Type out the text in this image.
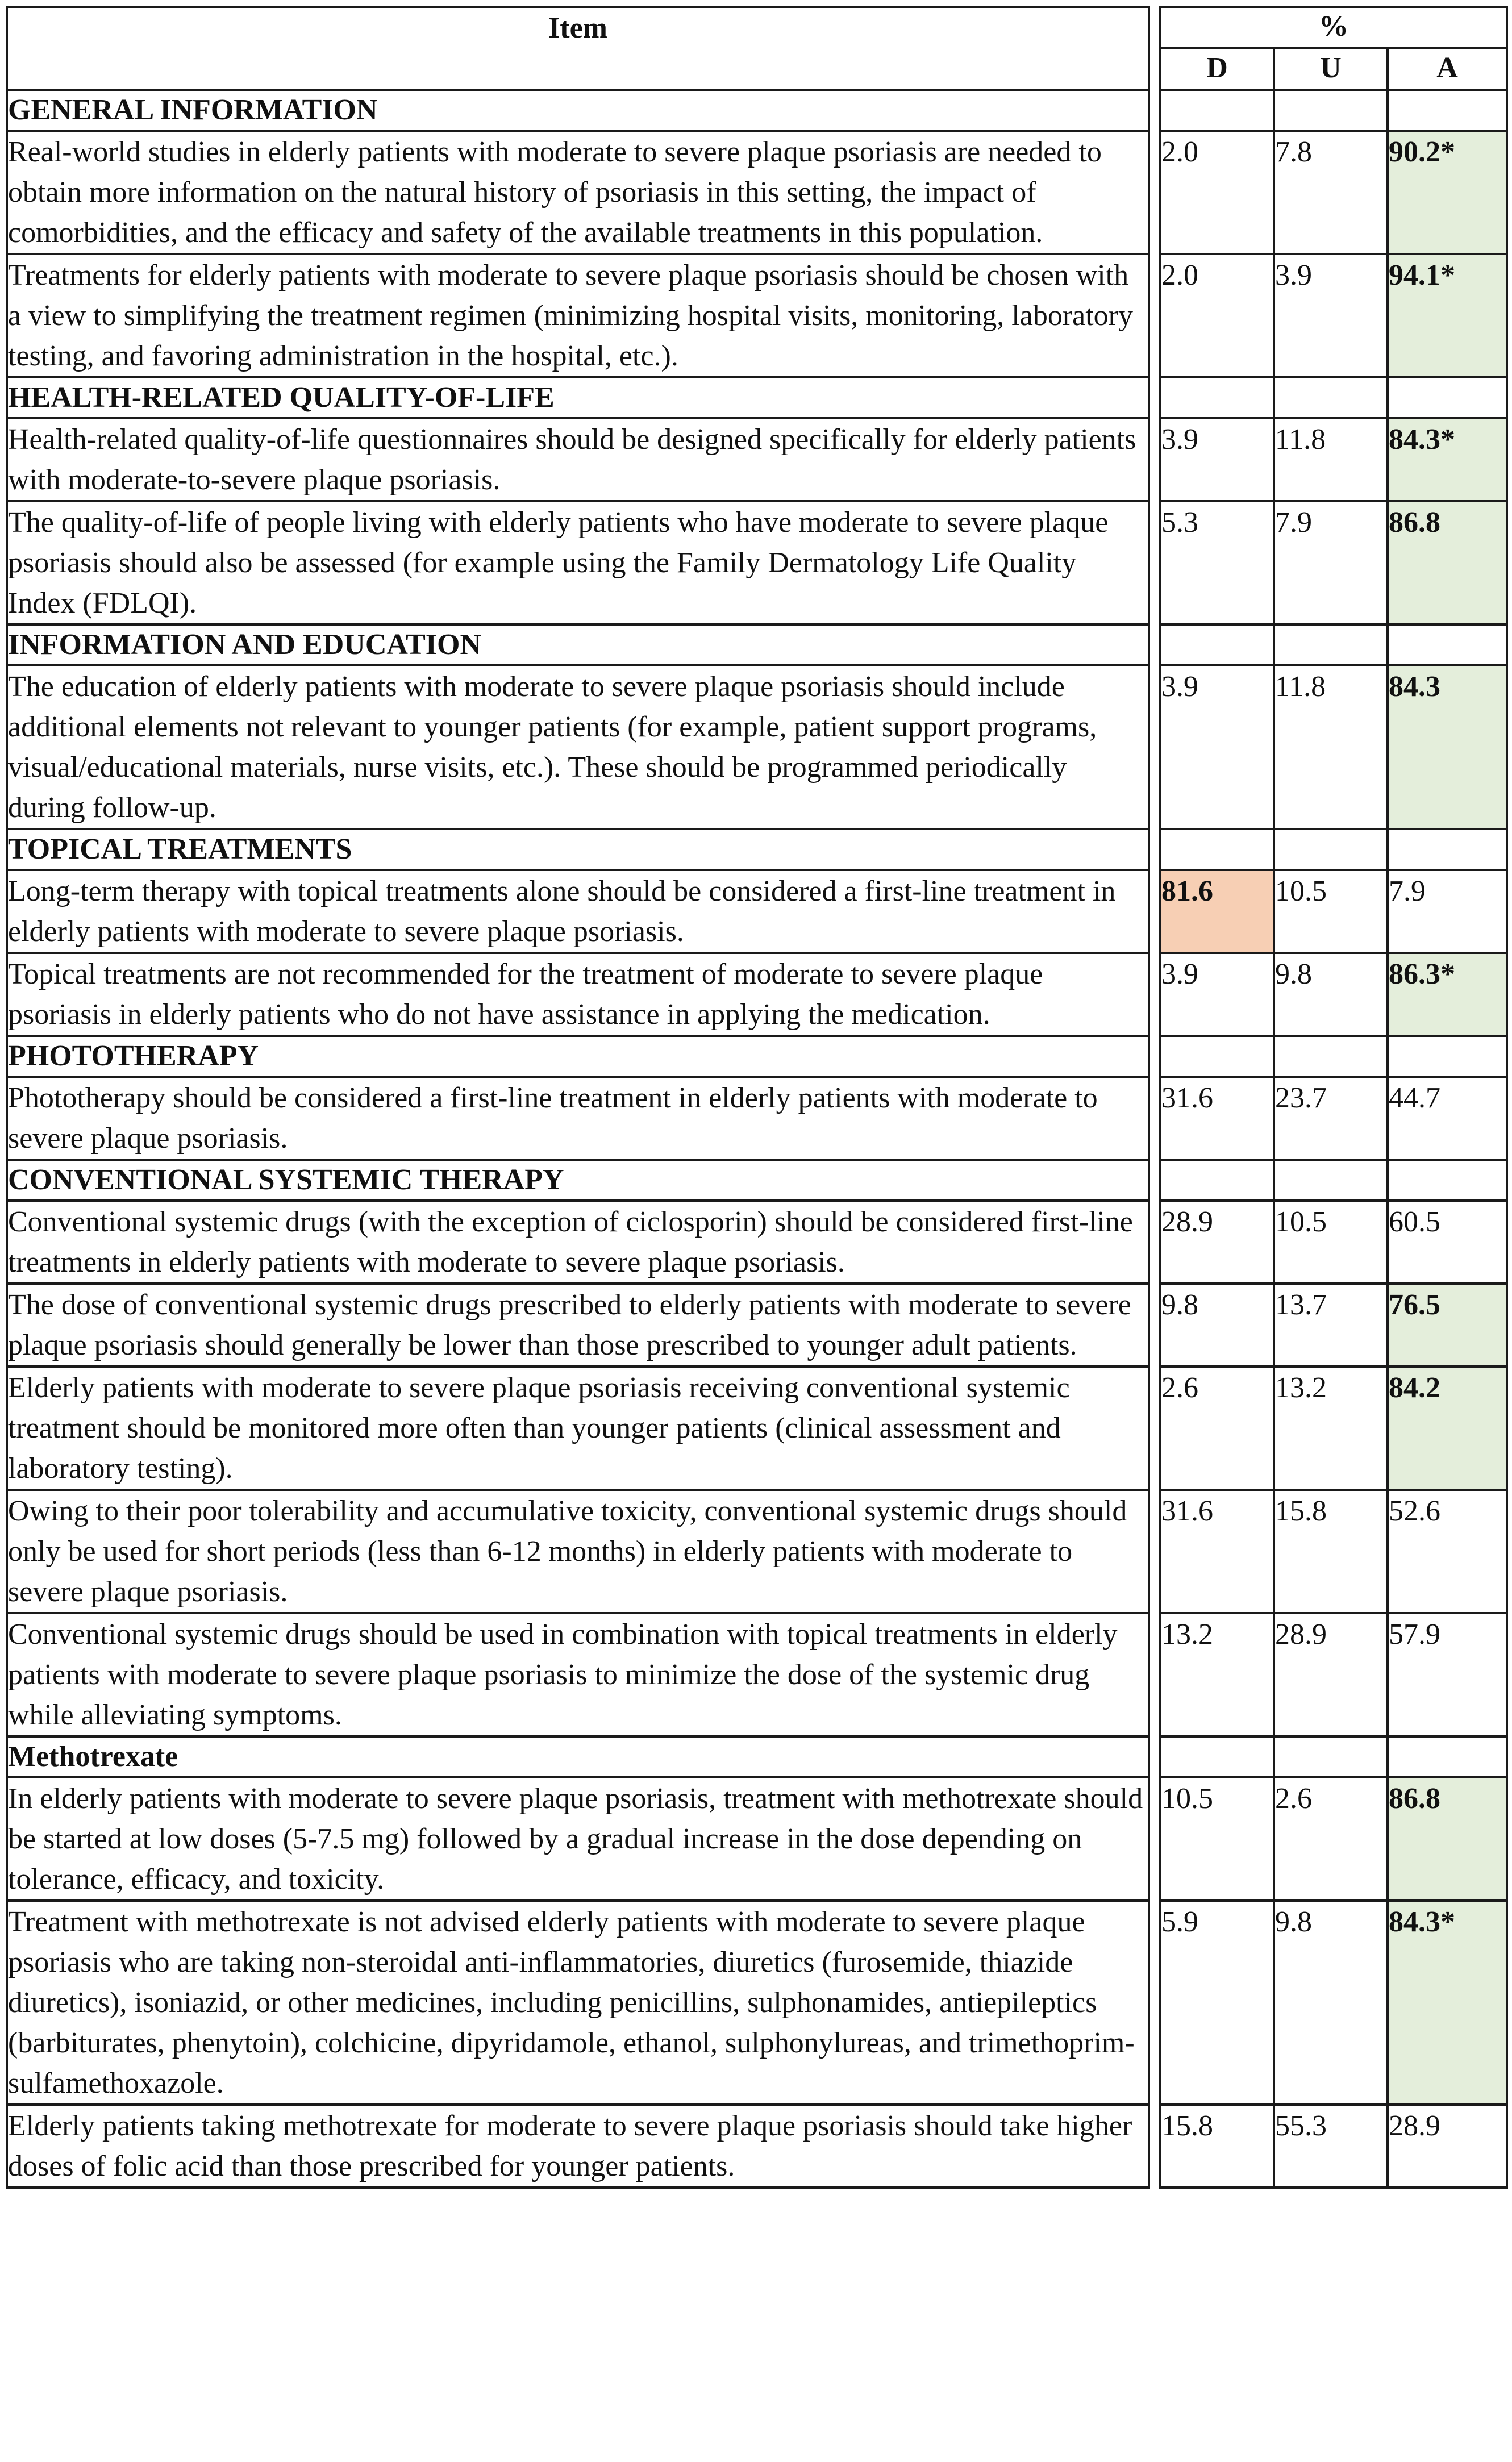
Item		%		
		D	U	A
GENERAL INFORMATION				
Real-world studies in elderly patients with moderate to severe plaque psoriasis are needed to obtain more information on the natural history of psoriasis in this setting, the impact of comorbidities, and the efficacy and safety of the available treatments in this population.		2.0	7.8	90.2*
Treatments for elderly patients with moderate to severe plaque psoriasis should be chosen with a view to simplifying the treatment regimen (minimizing hospital visits, monitoring, laboratory testing, and favoring administration in the hospital, etc.).		2.0	3.9	94.1*
HEALTH-RELATED QUALITY-OF-LIFE				
Health-related quality-of-life questionnaires should be designed specifically for elderly patients with moderate-to-severe plaque psoriasis.		3.9	11.8	84.3*
The quality-of-life of people living with elderly patients who have moderate to severe plaque psoriasis should also be assessed (for example using the Family Dermatology Life Quality Index (FDLQI).		5.3	7.9	86.8
INFORMATION AND EDUCATION				
The education of elderly patients with moderate to severe plaque psoriasis should include additional elements not relevant to younger patients (for example, patient support programs, visual/educational materials, nurse visits, etc.). These should be programmed periodically during follow-up.		3.9	11.8	84.3
TOPICAL TREATMENTS				
Long-term therapy with topical treatments alone should be considered a first-line treatment in elderly patients with moderate to severe plaque psoriasis.		81.6	10.5	7.9
Topical treatments are not recommended for the treatment of moderate to severe plaque psoriasis in elderly patients who do not have assistance in applying the medication.		3.9	9.8	86.3*
PHOTOTHERAPY				
Phototherapy should be considered a first-line treatment in elderly patients with moderate to severe plaque psoriasis.		31.6	23.7	44.7
CONVENTIONAL SYSTEMIC THERAPY				
Conventional systemic drugs (with the exception of ciclosporin) should be considered first-line treatments in elderly patients with moderate to severe plaque psoriasis.		28.9	10.5	60.5
The dose of conventional systemic drugs prescribed to elderly patients with moderate to severe plaque psoriasis should generally be lower than those prescribed to younger adult patients.		9.8	13.7	76.5
Elderly patients with moderate to severe plaque psoriasis receiving conventional systemic treatment should be monitored more often than younger patients (clinical assessment and laboratory testing).		2.6	13.2	84.2
Owing to their poor tolerability and accumulative toxicity, conventional systemic drugs should only be used for short periods (less than 6-12 months) in elderly patients with moderate to severe plaque psoriasis.		31.6	15.8	52.6
Conventional systemic drugs should be used in combination with topical treatments in elderly patients with moderate to severe plaque psoriasis to minimize the dose of the systemic drug while alleviating symptoms.		13.2	28.9	57.9
Methotrexate				
In elderly patients with moderate to severe plaque psoriasis, treatment with methotrexate should be started at low doses (5-7.5 mg) followed by a gradual increase in the dose depending on tolerance, efficacy, and toxicity.		10.5	2.6	86.8
Treatment with methotrexate is not advised elderly patients with moderate to severe plaque psoriasis who are taking non-steroidal anti-inflammatories, diuretics (furosemide, thiazide diuretics), isoniazid, or other medicines, including penicillins, sulphonamides, antiepileptics (barbiturates, phenytoin), colchicine, dipyridamole, ethanol, sulphonylureas, and trimethoprim-sulfamethoxazole.		5.9	9.8	84.3*
Elderly patients taking methotrexate for moderate to severe plaque psoriasis should take higher doses of folic acid than those prescribed for younger patients.		15.8	55.3	28.9
